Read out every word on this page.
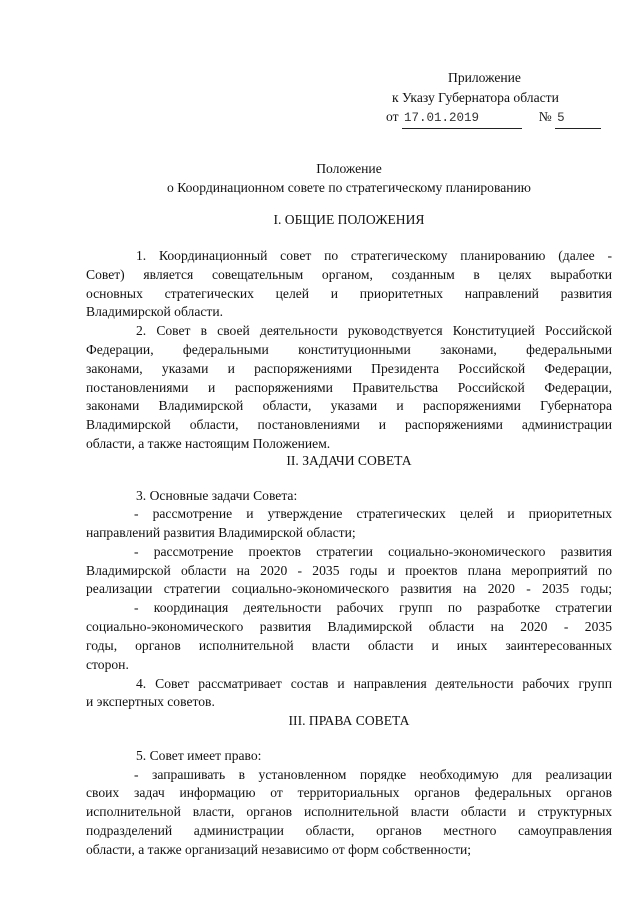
Приложение
к Указу Губернатора области
от 17.01.2019	№ 5
Положение
о Координационном совете по стратегическому планированию
I. ОБЩИЕ ПОЛОЖЕНИЯ
1. Координационный совет по стратегическому планированию (далее -
Совет) является совещательным органом, созданным в целях выработки
основных стратегических целей и приоритетных направлений развития
Владимирской области.
2. Совет в своей деятельности руководствуется Конституцией Российской
Федерации, федеральными конституционными законами, федеральными
законами, указами и распоряжениями Президента Российской Федерации,
постановлениями и распоряжениями Правительства Российской Федерации,
законами Владимирской области, указами и распоряжениями Губернатора
Владимирской области, постановлениями и распоряжениями администрации
области, а также настоящим Положением.
II. ЗАДАЧИ СОВЕТА
3. Основные задачи Совета:
- рассмотрение и утверждение стратегических целей и приоритетных
направлений развития Владимирской области;
- рассмотрение проектов стратегии социально-экономического развития
Владимирской области на 2020 - 2035 годы и проектов плана мероприятий по
реализации стратегии социально-экономического развития на 2020 - 2035 годы;
- координация деятельности рабочих групп по разработке стратегии
социально-экономического развития Владимирской области на 2020 - 2035
годы, органов исполнительной власти области и иных заинтересованных
сторон.
4. Совет рассматривает состав и направления деятельности рабочих групп
и экспертных советов.
III. ПРАВА СОВЕТА
5. Совет имеет право:
- запрашивать в установленном порядке необходимую для реализации
своих задач информацию от территориальных органов федеральных органов
исполнительной власти, органов исполнительной власти области и структурных
подразделений администрации области, органов местного самоуправления
области, а также организаций независимо от форм собственности;
